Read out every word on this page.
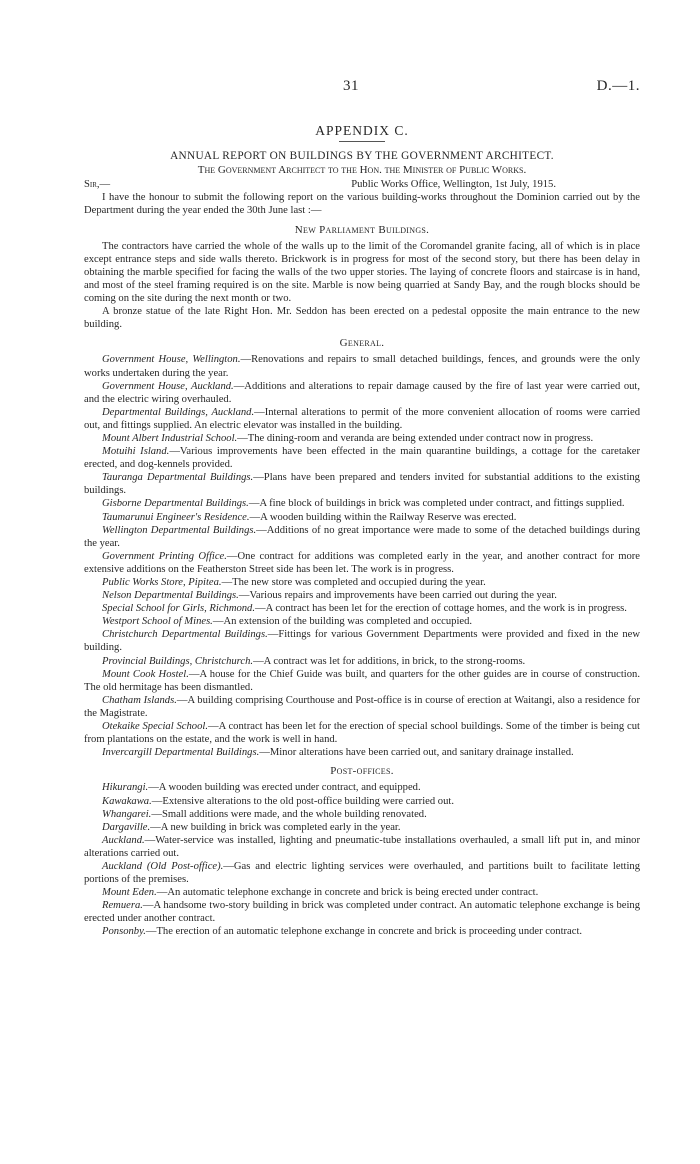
31	D.—1.
APPENDIX C.
ANNUAL REPORT ON BUILDINGS BY THE GOVERNMENT ARCHITECT.
The Government Architect to the Hon. the Minister of Public Works.
Sir,—	Public Works Office, Wellington, 1st July, 1915.

I have the honour to submit the following report on the various building-works throughout the Dominion carried out by the Department during the year ended the 30th June last :—

New Parliament Buildings.

The contractors have carried the whole of the walls up to the limit of the Coromandel granite facing, all of which is in place except entrance steps and side walls thereto. Brickwork is in progress for most of the second story, but there has been delay in obtaining the marble specified for facing the walls of the two upper stories. The laying of concrete floors and staircase is in hand, and most of the steel framing required is on the site. Marble is now being quarried at Sandy Bay, and the rough blocks should be coming on the site during the next month or two.

A bronze statue of the late Right Hon. Mr. Seddon has been erected on a pedestal opposite the main entrance to the new building.

General.

Government House, Wellington.—Renovations and repairs to small detached buildings, fences, and grounds were the only works undertaken during the year.

Government House, Auckland.—Additions and alterations to repair damage caused by the fire of last year were carried out, and the electric wiring overhauled.

Departmental Buildings, Auckland.—Internal alterations to permit of the more convenient allocation of rooms were carried out, and fittings supplied. An electric elevator was installed in the building.

Mount Albert Industrial School.—The dining-room and veranda are being extended under contract now in progress.

Motuihi Island.—Various improvements have been effected in the main quarantine buildings, a cottage for the caretaker erected, and dog-kennels provided.

Tauranga Departmental Buildings.—Plans have been prepared and tenders invited for substantial additions to the existing buildings.

Gisborne Departmental Buildings.—A fine block of buildings in brick was completed under contract, and fittings supplied.

Taumarunui Engineer's Residence.—A wooden building within the Railway Reserve was erected.

Wellington Departmental Buildings.—Additions of no great importance were made to some of the detached buildings during the year.

Government Printing Office.—One contract for additions was completed early in the year, and another contract for more extensive additions on the Featherston Street side has been let. The work is in progress.

Public Works Store, Pipitea.—The new store was completed and occupied during the year.

Nelson Departmental Buildings.—Various repairs and improvements have been carried out during the year.

Special School for Girls, Richmond.—A contract has been let for the erection of cottage homes, and the work is in progress.

Westport School of Mines.—An extension of the building was completed and occupied.

Christchurch Departmental Buildings.—Fittings for various Government Departments were provided and fixed in the new building.

Provincial Buildings, Christchurch.—A contract was let for additions, in brick, to the strong-rooms.

Mount Cook Hostel.—A house for the Chief Guide was built, and quarters for the other guides are in course of construction. The old hermitage has been dismantled.

Chatham Islands.—A building comprising Courthouse and Post-office is in course of erection at Waitangi, also a residence for the Magistrate.

Otekaike Special School.—A contract has been let for the erection of special school buildings. Some of the timber is being cut from plantations on the estate, and the work is well in hand.

Invercargill Departmental Buildings.—Minor alterations have been carried out, and sanitary drainage installed.

Post-offices.

Hikurangi.—A wooden building was erected under contract, and equipped.

Kawakawa.—Extensive alterations to the old post-office building were carried out.

Whangarei.—Small additions were made, and the whole building renovated.

Dargaville.—A new building in brick was completed early in the year.

Auckland.—Water-service was installed, lighting and pneumatic-tube installations overhauled, a small lift put in, and minor alterations carried out.

Auckland (Old Post-office).—Gas and electric lighting services were overhauled, and partitions built to facilitate letting portions of the premises.

Mount Eden.—An automatic telephone exchange in concrete and brick is being erected under contract.

Remuera.—A handsome two-story building in brick was completed under contract. An automatic telephone exchange is being erected under another contract.

Ponsonby.—The erection of an automatic telephone exchange in concrete and brick is proceeding under contract.
